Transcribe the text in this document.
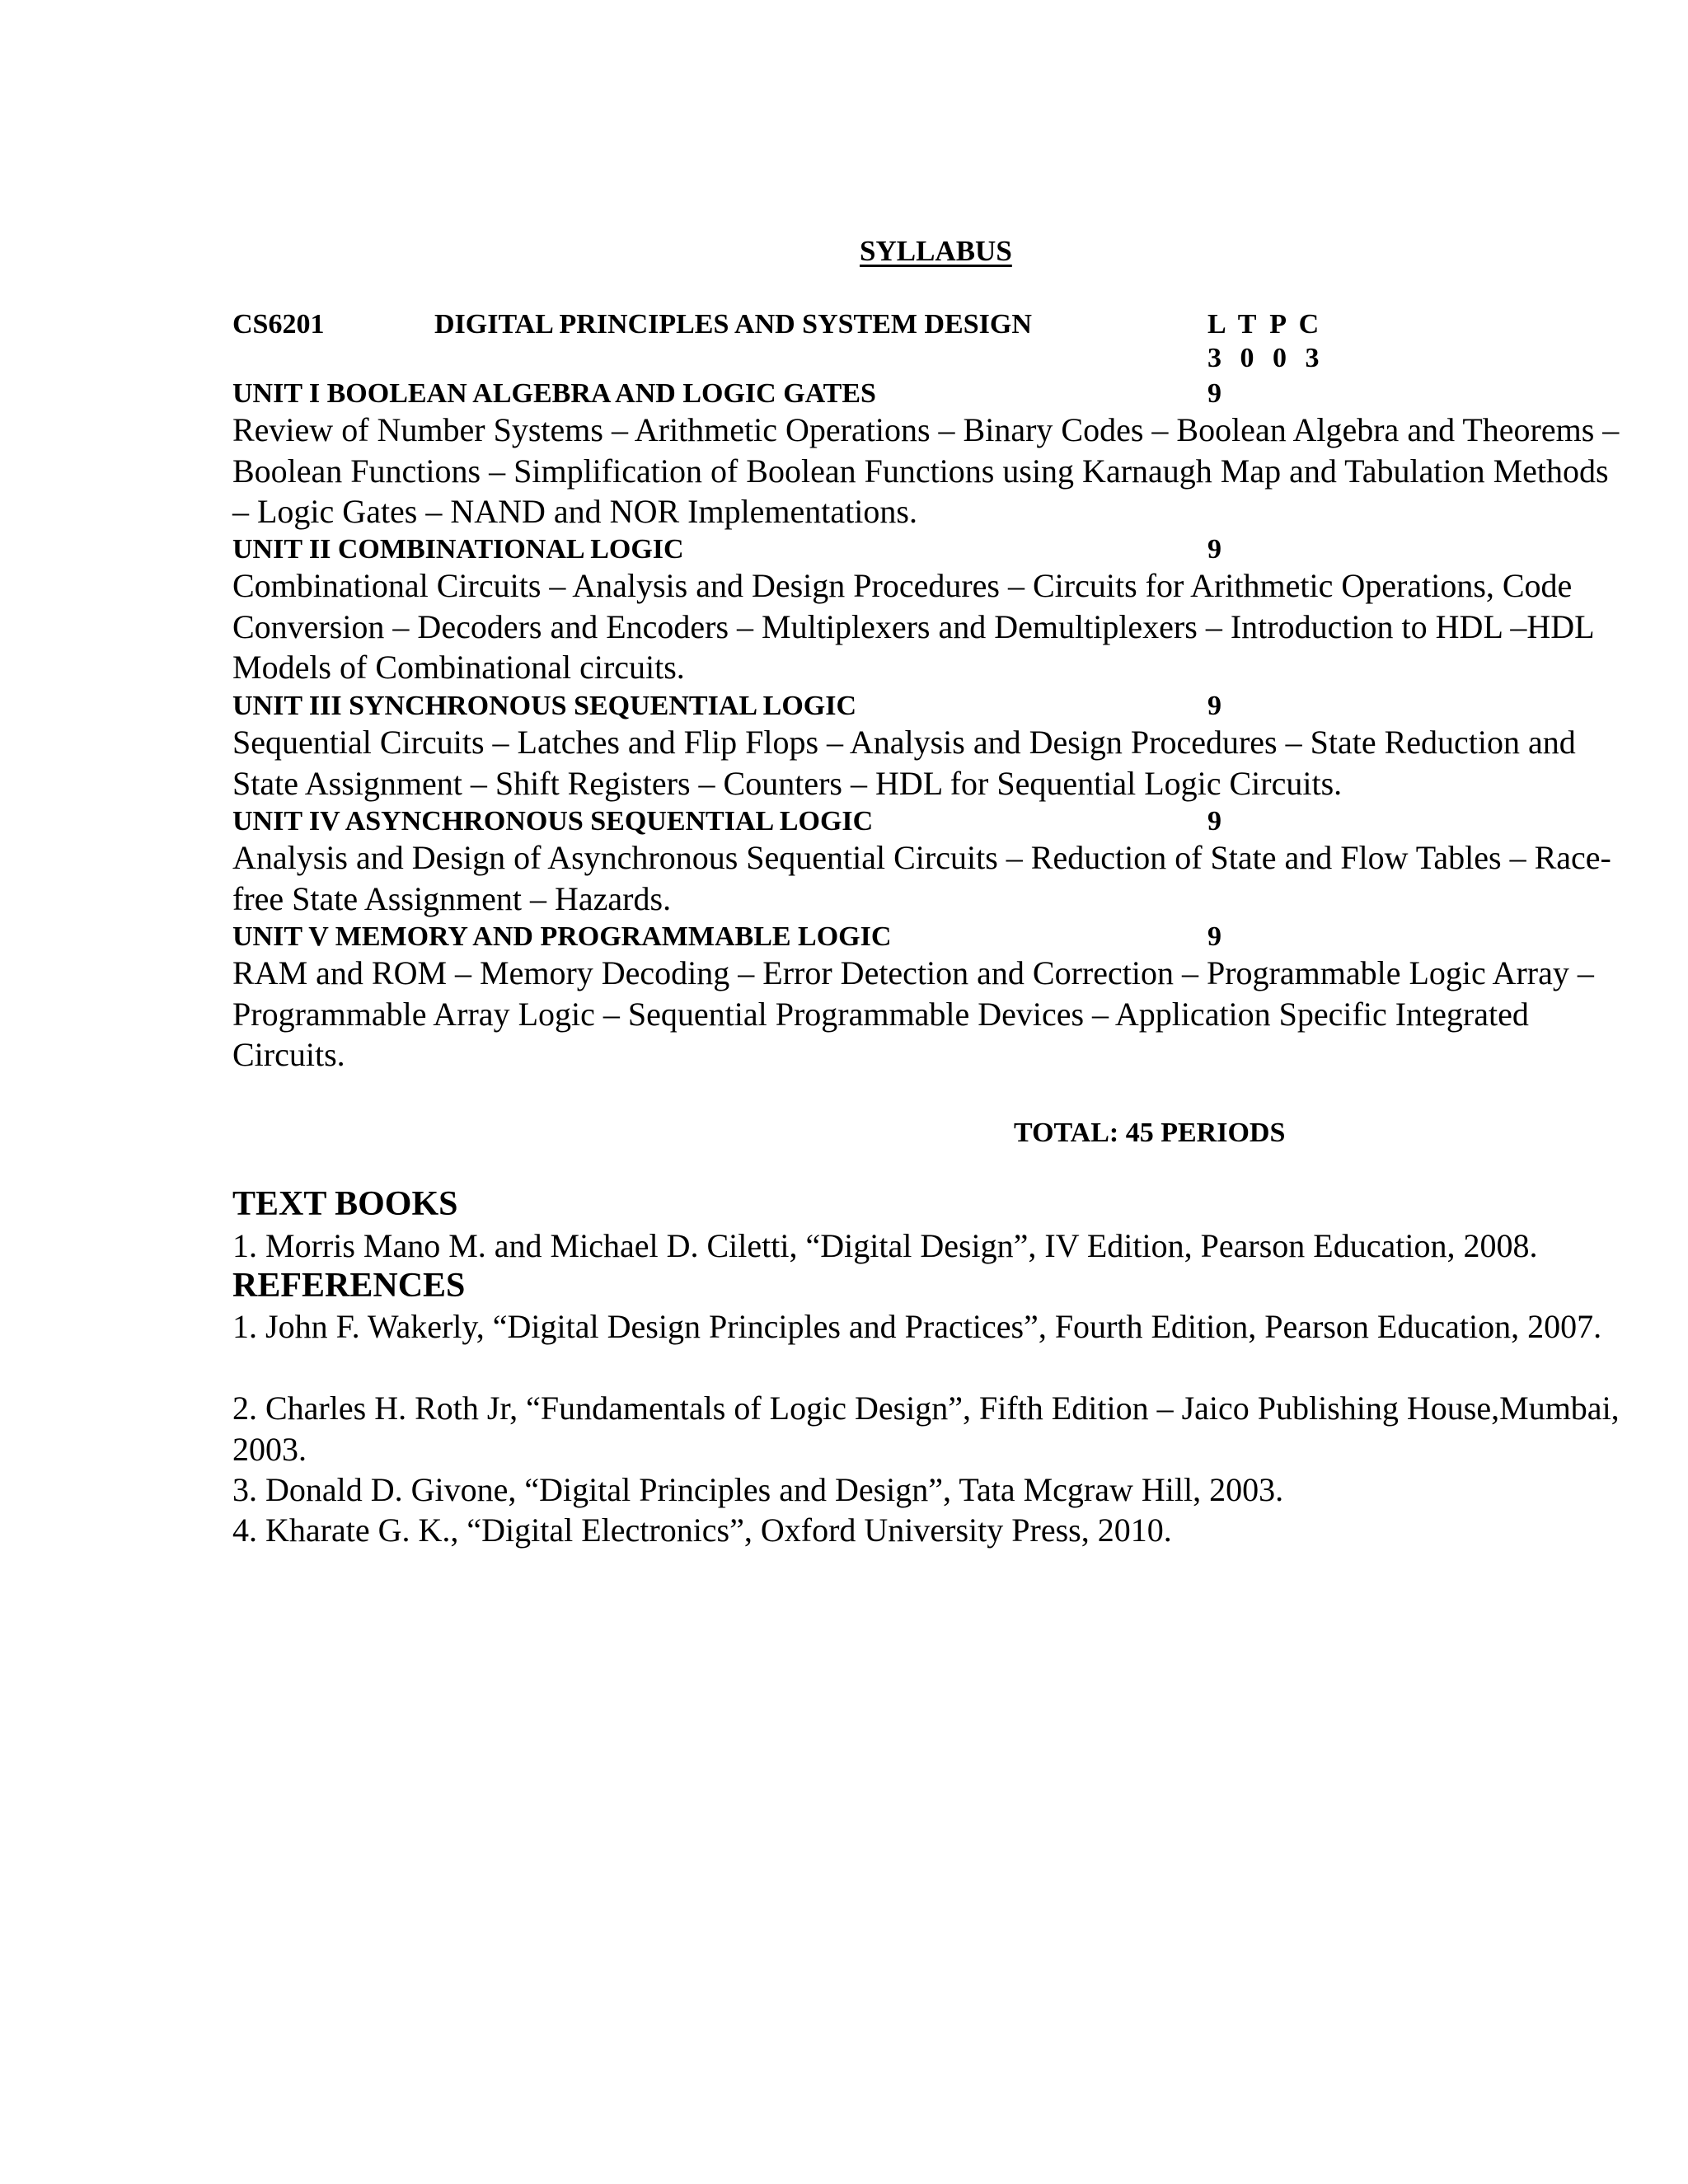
SYLLABUS
CS6201	DIGITAL PRINCIPLES AND SYSTEM DESIGN	L T P C
3 0 0 3
UNIT I BOOLEAN ALGEBRA AND LOGIC GATES	9

Review of Number Systems – Arithmetic Operations – Binary Codes – Boolean Algebra and Theorems – Boolean Functions – Simplification of Boolean Functions using Karnaugh Map and Tabulation Methods – Logic Gates – NAND and NOR Implementations.

UNIT II COMBINATIONAL LOGIC	9

Combinational Circuits – Analysis and Design Procedures – Circuits for Arithmetic Operations, Code Conversion – Decoders and Encoders – Multiplexers and Demultiplexers – Introduction to HDL –HDL Models of Combinational circuits.

UNIT III SYNCHRONOUS SEQUENTIAL LOGIC	9

Sequential Circuits – Latches and Flip Flops – Analysis and Design Procedures – State Reduction and State Assignment – Shift Registers – Counters – HDL for Sequential Logic Circuits.

UNIT IV ASYNCHRONOUS SEQUENTIAL LOGIC	9

Analysis and Design of Asynchronous Sequential Circuits – Reduction of State and Flow Tables – Race-free State Assignment – Hazards.

UNIT V MEMORY AND PROGRAMMABLE LOGIC	9

RAM and ROM – Memory Decoding – Error Detection and Correction – Programmable Logic Array –Programmable Array Logic – Sequential Programmable Devices – Application Specific Integrated Circuits.

TOTAL: 45 PERIODS
TEXT BOOKS

1. Morris Mano M. and Michael D. Ciletti, “Digital Design”, IV Edition, Pearson Education, 2008.

REFERENCES

1. John F. Wakerly, “Digital Design Principles and Practices”, Fourth Edition, Pearson Education, 2007.

2. Charles H. Roth Jr, “Fundamentals of Logic Design”, Fifth Edition – Jaico Publishing House,Mumbai, 2003.

3. Donald D. Givone, “Digital Principles and Design”, Tata Mcgraw Hill, 2003.

4. Kharate G. K., “Digital Electronics”, Oxford University Press, 2010.
